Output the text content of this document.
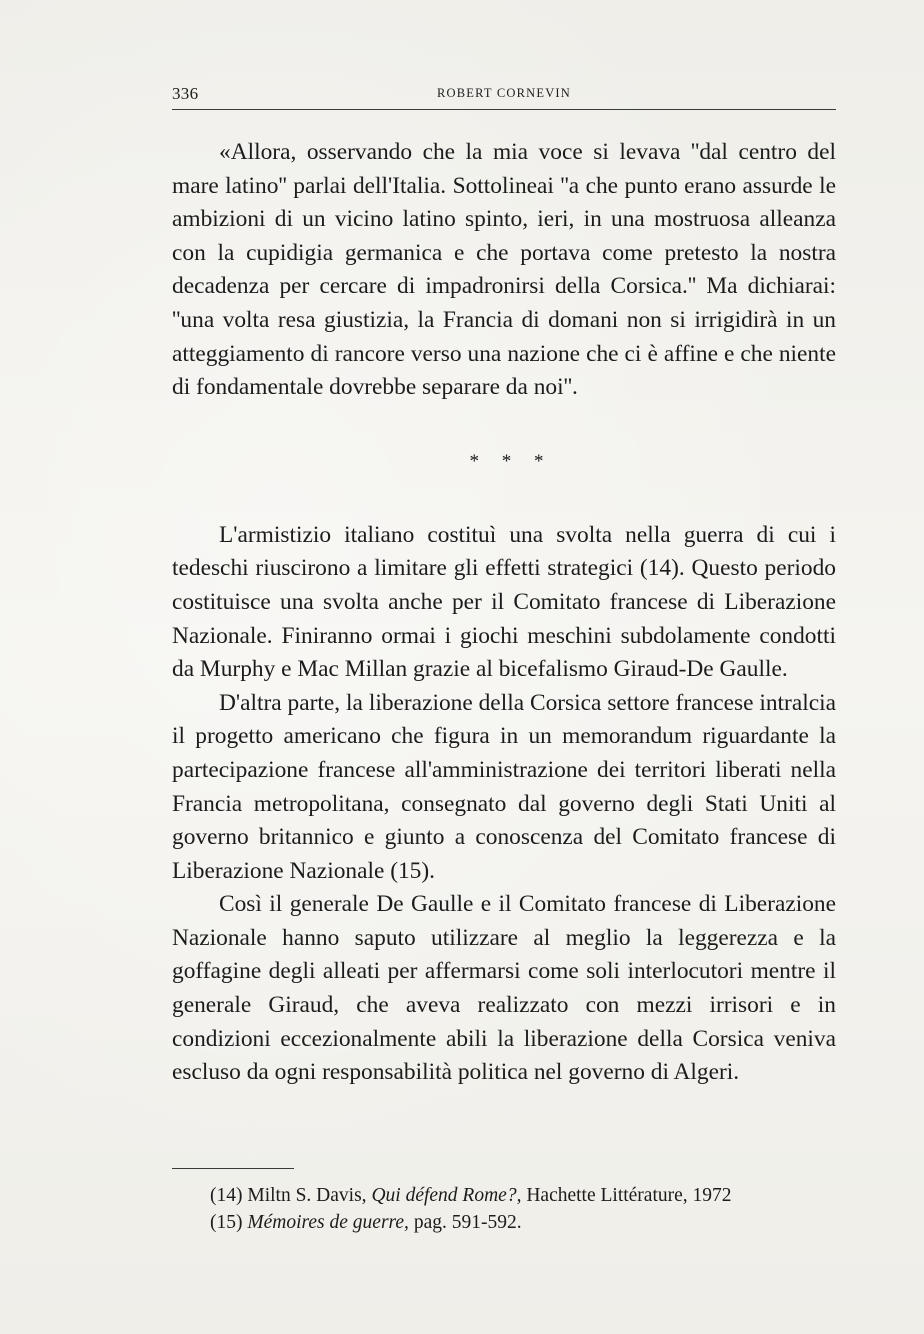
336	ROBERT CORNEVIN

«Allora, osservando che la mia voce si levava ''dal centro del mare latino'' parlai dell'Italia. Sottolineai ''a che punto erano assurde le ambizioni di un vicino latino spinto, ieri, in una mostruosa alleanza con la cupidigia germanica e che portava come pretesto la nostra decadenza per cercare di impadronirsi della Corsica.'' Ma dichiarai: ''una volta resa giustizia, la Francia di domani non si irrigidirà in un atteggiamento di rancore verso una nazione che ci è affine e che niente di fondamentale dovrebbe separare da noi''.

* * *

L'armistizio italiano costituì una svolta nella guerra di cui i tedeschi riuscirono a limitare gli effetti strategici (14). Questo periodo costituisce una svolta anche per il Comitato francese di Liberazione Nazionale. Finiranno ormai i giochi meschini subdolamente condotti da Murphy e Mac Millan grazie al bicefalismo Giraud-De Gaulle.

D'altra parte, la liberazione della Corsica settore francese intralcia il progetto americano che figura in un memorandum riguardante la partecipazione francese all'amministrazione dei territori liberati nella Francia metropolitana, consegnato dal governo degli Stati Uniti al governo britannico e giunto a conoscenza del Comitato francese di Liberazione Nazionale (15).

Così il generale De Gaulle e il Comitato francese di Liberazione Nazionale hanno saputo utilizzare al meglio la leggerezza e la goffagine degli alleati per affermarsi come soli interlocutori mentre il generale Giraud, che aveva realizzato con mezzi irrisori e in condizioni eccezionalmente abili la liberazione della Corsica veniva escluso da ogni responsabilità politica nel governo di Algeri.

(14) Miltn S. Davis, Qui défend Rome?, Hachette Littérature, 1972
(15) Mémoires de guerre, pag. 591-592.
